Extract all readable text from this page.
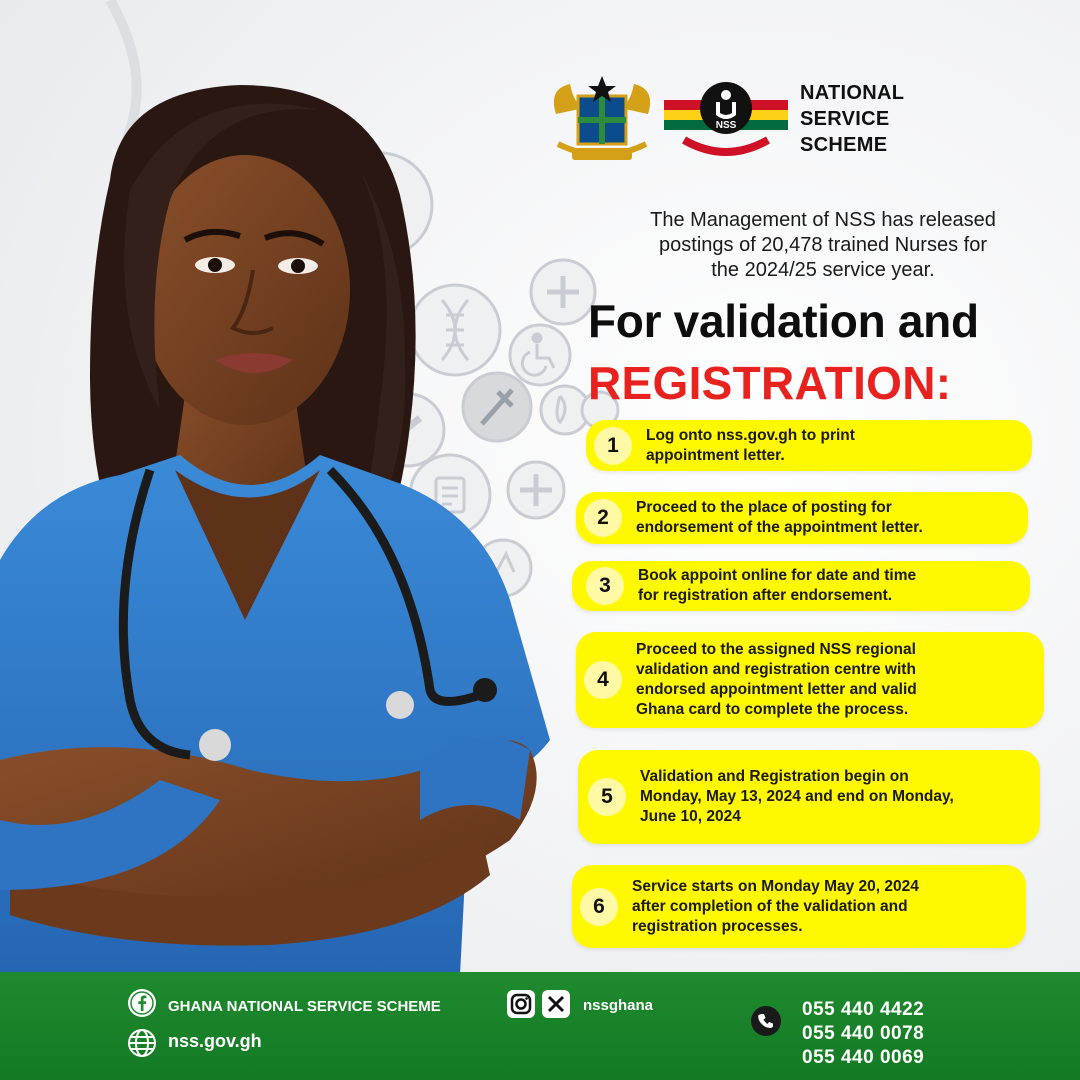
NSS
NATIONAL
SERVICE
SCHEME
The Management of NSS has released
postings of 20,478 trained Nurses for
the 2024/25 service year.
For validation and
REGISTRATION:
1	Log onto nss.gov.gh to print
appointment letter.
2	Proceed to the place of posting for
endorsement of the appointment letter.
3	Book appoint online for date and time
for registration after endorsement.
4
Proceed to the assigned NSS regional
validation and registration centre with
endorsed appointment letter and valid
Ghana card to complete the process.
5
Validation and Registration begin on
Monday, May 13, 2024 and end on Monday,
June 10, 2024
6
Service starts on Monday May 20, 2024
after completion of the validation and
registration processes.
GHANA NATIONAL SERVICE SCHEME
nss.gov.gh
nssghana	055 440 4422
055 440 0078
055 440 0069
